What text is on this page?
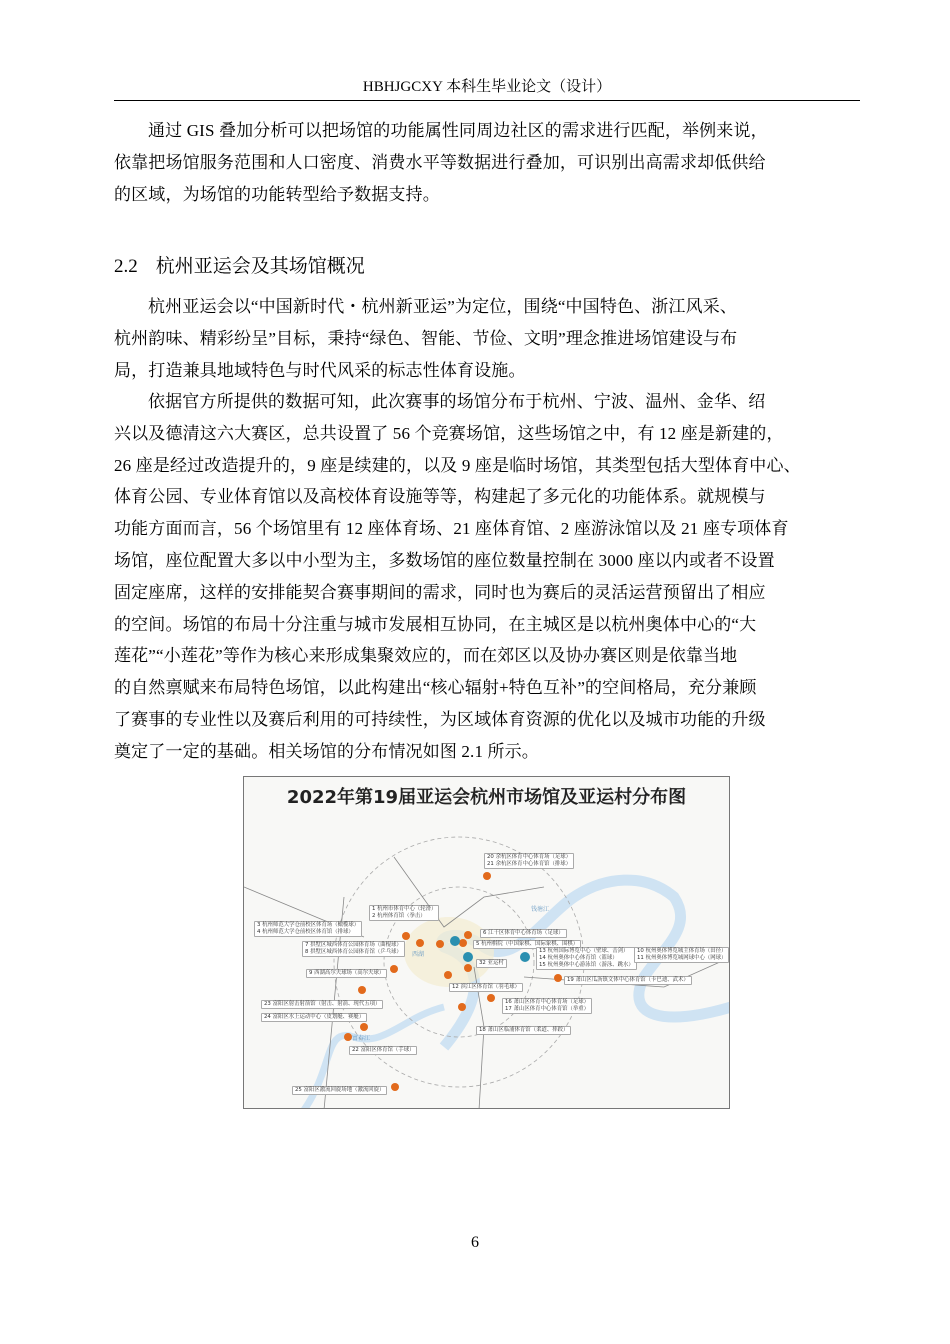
HBHJGCXY 本科生毕业论文（设计）
通过 GIS 叠加分析可以把场馆的功能属性同周边社区的需求进行匹配，举例来说，
依靠把场馆服务范围和人口密度、消费水平等数据进行叠加，可识别出高需求却低供给
的区域，为场馆的功能转型给予数据支持。
2.2 杭州亚运会及其场馆概况
杭州亚运会以“中国新时代・杭州新亚运”为定位，围绕“中国特色、浙江风采、
杭州韵味、精彩纷呈”目标，秉持“绿色、智能、节俭、文明”理念推进场馆建设与布
局，打造兼具地域特色与时代风采的标志性体育设施。
依据官方所提供的数据可知，此次赛事的场馆分布于杭州、宁波、温州、金华、绍
兴以及德清这六大赛区，总共设置了 56 个竞赛场馆，这些场馆之中，有 12 座是新建的，
26 座是经过改造提升的，9 座是续建的，以及 9 座是临时场馆，其类型包括大型体育中心、
体育公园、专业体育馆以及高校体育设施等等，构建起了多元化的功能体系。就规模与
功能方面而言，56 个场馆里有 12 座体育场、21 座体育馆、2 座游泳馆以及 21 座专项体育
场馆，座位配置大多以中小型为主，多数场馆的座位数量控制在 3000 座以内或者不设置
固定座席，这样的安排能契合赛事期间的需求，同时也为赛后的灵活运营预留出了相应
的空间。场馆的布局十分注重与城市发展相互协同，在主城区是以杭州奥体中心的“大
莲花”“小莲花”等作为核心来形成集聚效应的，而在郊区以及协办赛区则是依靠当地
的自然禀赋来布局特色场馆，以此构建出“核心辐射+特色互补”的空间格局，充分兼顾
了赛事的专业性以及赛后利用的可持续性，为区域体育资源的优化以及城市功能的升级
奠定了一定的基础。相关场馆的分布情况如图 2.1 所示。
2022年第19届亚运会杭州市场馆及亚运村分布图
钱塘江
西湖
富春江
20 余杭区体育中心体育场（足球）
21 余杭区体育中心体育馆（排球）
1 杭州市体育中心（轮滑）
2 杭州体育馆（拳击）
3 杭州师范大学仓前校区体育场（橄榄球）
4 杭州师范大学仓前校区体育馆（排球）
7 拱墅区城西体育公园体育场（曲棍球）
8 拱墅区城西体育公园体育馆（乒乓球）
9 西湖高尔夫球场（高尔夫球）
6 江干区体育中心体育场（足球）
5 杭州棋院（中国象棋、国际象棋、围棋）
32 亚运村
13 杭州国际博览中心（壁球、击剑）
14 杭州奥体中心体育馆（篮球）
15 杭州奥体中心游泳馆（游泳、跳水）
10 杭州奥体博览城主体育场（田径）
11 杭州奥体博览城网球中心（网球）
19 萧山区瓜沥镇文体中心体育馆（卡巴迪、武术）
12 滨江区体育馆（羽毛球）
16 萧山区体育中心体育场（足球）
17 萧山区体育中心体育馆（举重）
23 富阳区射击射箭馆（射击、射箭、现代五项）
24 富阳区水上运动中心（皮划艇、赛艇）
18 萧山区临浦体育馆（柔道、摔跤）
22 富阳区体育馆（手球）
25 富阳区激流回旋场地（激流回旋）
6
